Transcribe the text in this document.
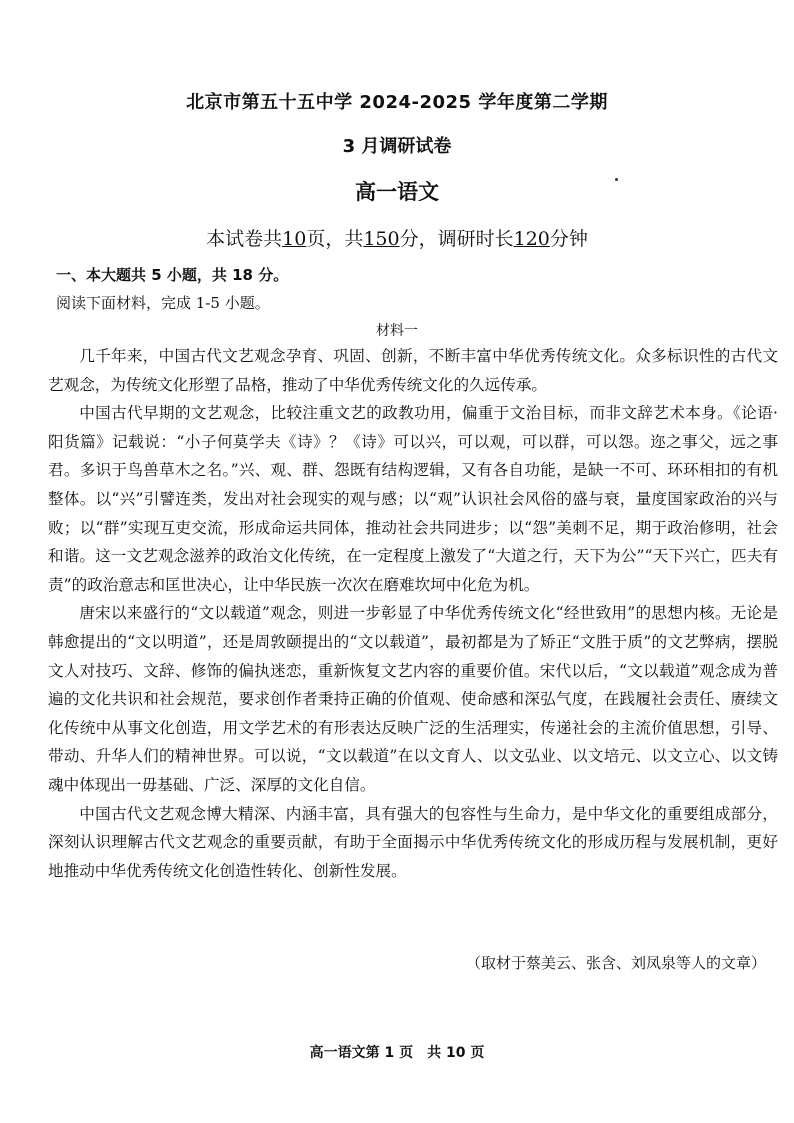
北京市第五十五中学 2024-2025 学年度第二学期
3 月调研试卷
高一语文
本试卷共10页，共150分，调研时长120分钟
一、本大题共 5 小题，共 18 分。
阅读下面材料，完成 1-5 小题。
材料一

几千年来，中国古代文艺观念孕育、巩固、创新，不断丰富中华优秀传统文化。众多标识性的古代文艺观念，为传统文化形塑了品格，推动了中华优秀传统文化的久远传承。

中国古代早期的文艺观念，比较注重文艺的政教功用，偏重于文治目标，而非文辞艺术本身。《论语·阳货篇》记载说：“小子何莫学夫《诗》？《诗》可以兴，可以观，可以群，可以怨。迩之事父，远之事君。多识于鸟兽草木之名。”兴、观、群、怨既有结构逻辑，又有各自功能，是缺一不可、环环相扣的有机整体。以“兴”引譬连类，发出对社会现实的观与感；以“观”认识社会风俗的盛与衰，量度国家政治的兴与败；以“群”实现互吏交流，形成命运共同体，推动社会共同进步；以“怨”美刺不足，期于政治修明，社会和谐。这一文艺观念滋养的政治文化传统，在一定程度上激发了“大道之行，天下为公”“天下兴亡，匹夫有责”的政治意志和匡世决心，让中华民族一次次在磨难坎坷中化危为机。

唐宋以来盛行的“文以载道”观念，则进一步彰显了中华优秀传统文化“经世致用”的思想内核。无论是韩愈提出的“文以明道”，还是周敦颐提出的“文以载道”，最初都是为了矫正“文胜于质”的文艺弊病，摆脱文人对技巧、文辞、修饰的偏执迷恋，重新恢复文艺内容的重要价值。宋代以后，“文以载道”观念成为普遍的文化共识和社会规范，要求创作者秉持正确的价值观、使命感和深弘气度，在践履社会责任、赓续文化传统中从事文化创造，用文学艺术的有形表达反映广泛的生活理实，传递社会的主流价值思想，引导、带动、升华人们的精神世界。可以说，“文以载道”在以文育人、以文弘业、以文培元、以文立心、以文铸魂中体现出一毋基础、广泛、深厚的文化自信。

中国古代文艺观念博大精深、内涵丰富，具有强大的包容性与生命力，是中华文化的重要组成部分，深刻认识理解古代文艺观念的重要贡献，有助于全面揭示中华优秀传统文化的形成历程与发展机制，更好地推动中华优秀传统文化创造性转化、创新性发展。

（取材于蔡美云、张含、刘凤泉等人的文章）
高一语文第 1 页　共 10 页
